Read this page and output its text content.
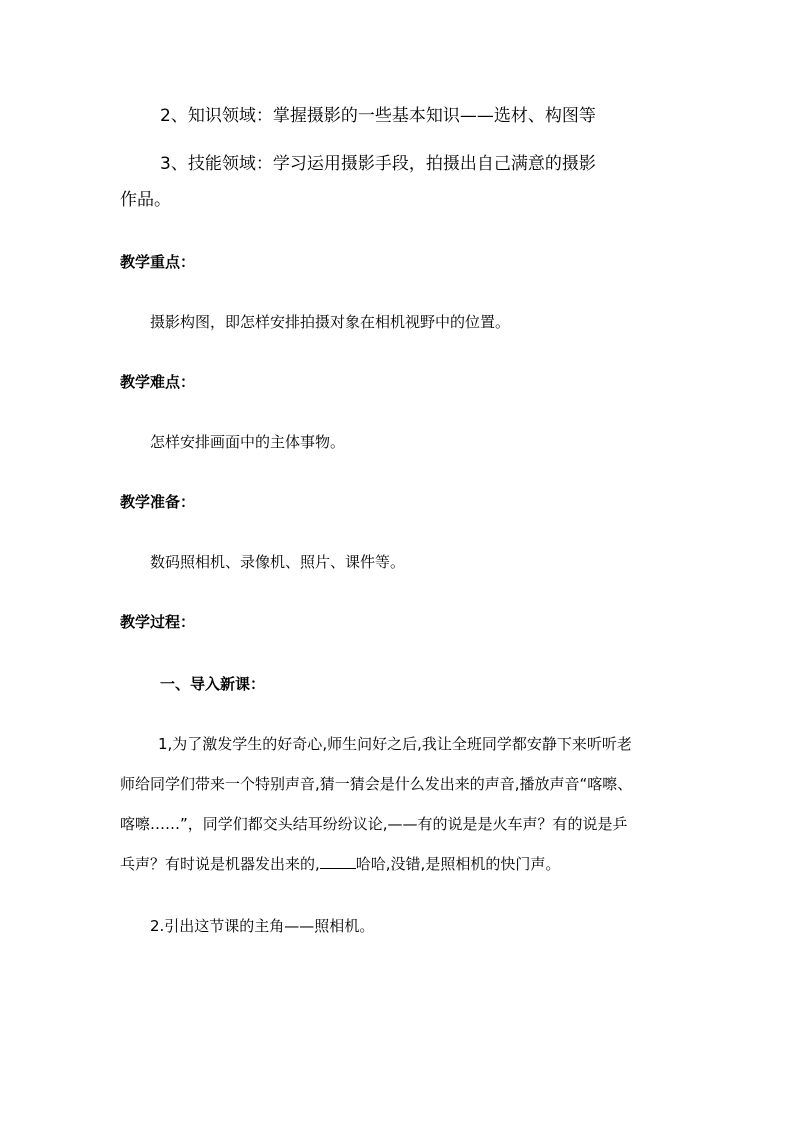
2、知识领域：掌握摄影的一些基本知识——选材、构图等
3、技能领域：学习运用摄影手段，拍摄出自己满意的摄影
作品。
教学重点：
摄影构图，即怎样安排拍摄对象在相机视野中的位置。
教学难点：
怎样安排画面中的主体事物。
教学准备：
数码照相机、录像机、照片、课件等。
教学过程：
一、导入新课：
1,为了激发学生的好奇心,师生问好之后,我让全班同学都安静下来听听老
师给同学们带来一个特别声音,猜一猜会是什么发出来的声音,播放声音“喀嚓、
喀嚓……”，同学们都交头结耳纷纷议论,——有的说是是火车声？有的说是乒
乓声？有时说是机器发出来的, 哈哈,没错,是照相机的快门声。
2.引出这节课的主角——照相机。
